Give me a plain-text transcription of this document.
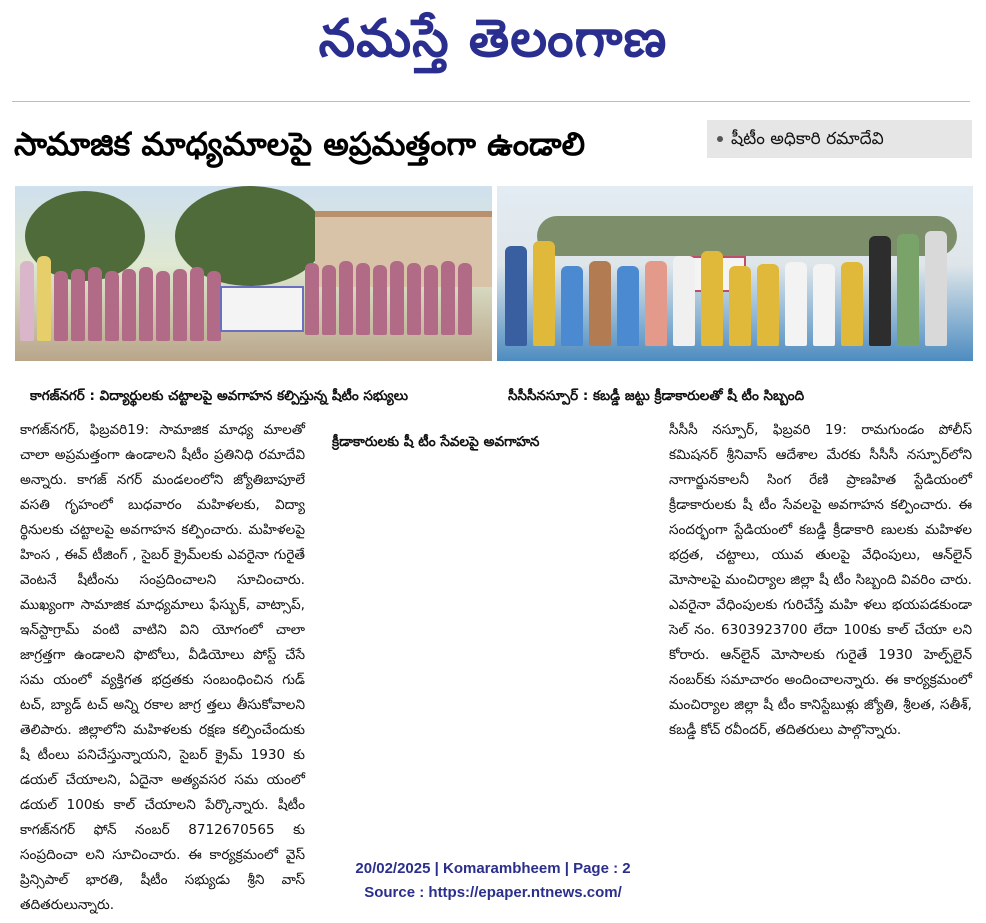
నమస్తే తెలంగాణ
సామాజిక మాధ్యమాలపై అప్రమత్తంగా ఉండాలి	షీటీం అధికారి రమాదేవి
కాగజ్‌నగర్ : విద్యార్థులకు చట్టాలపై అవగాహన కల్పిస్తున్న షీటీం సభ్యులు	సీసీసీనస్పూర్ : కబడ్డీ జట్టు క్రీడాకారులతో షీ టీం సిబ్బంది

కాగజ్‌నగర్, ఫిబ్రవరి19: సామాజిక మాధ్య మాలతో చాలా అప్రమత్తంగా ఉండాలని షీటీం ప్రతినిధి రమాదేవి అన్నారు. కాగజ్ నగర్ మండలంలోని జ్యోతిబాపూలే వసతి గృహంలో బుధవారం మహిళలకు, విద్యా ర్థినులకు చట్టాలపై అవగాహన కల్పించారు. మహిళలపై హింస , ఈవ్ టీజింగ్ , సైబర్ క్రైమ్‌లకు ఎవరైనా గురైతే వెంటనే షీటీంను సంప్రదించాలని సూచించారు. ముఖ్యంగా సామాజిక మాధ్యమాలు ఫేస్బుక్, వాట్సాప్, ఇన్‌స్టాగ్రామ్ వంటి వాటిని విని యోగంలో చాలా జాగ్రత్తగా ఉండాలని ఫొటోలు, వీడియోలు పోస్ట్ చేసే సమ యంలో వ్యక్తిగత భద్రతకు సంబంధించిన గుడ్ టచ్, బ్యాడ్ టచ్ అన్ని రకాల జాగ్ర త్తలు తీసుకోవాలని తెలిపారు. జిల్లాలోని మహిళలకు రక్షణ కల్పించేందుకు షీ టీంలు పనిచేస్తున్నాయని, సైబర్ క్రైమ్ 1930 కు డయల్ చేయాలని, ఏదైనా అత్యవసర సమ యంలో డయల్ 100కు కాల్ చేయాలని పేర్కొన్నారు. షీటీం కాగజ్‌నగర్ ఫోన్ నంబర్ 8712670565 కు సంప్రదించా లని సూచించారు. ఈ కార్యక్రమంలో వైస్ ప్రిన్సిపాల్ భారతి, షీటీం సభ్యుడు శ్రీని వాస్ తదితరులున్నారు.

క్రీడాకారులకు షీ టీం సేవలపై అవగాహన

సీసీసీ నస్పూర్, ఫిబ్రవరి 19: రామగుండం పోలీస్ కమిషనర్ శ్రీనివాస్ ఆదేశాల మేరకు సీసీసీ నస్పూర్‌లోని నాగార్జునకాలనీ సింగ రేణి ప్రాణహిత స్టేడియంలో క్రీడాకారులకు షీ టీం సేవలపై అవగాహన కల్పించారు. ఈ సందర్భంగా స్టేడియంలో కబడ్డీ క్రీడాకారి ణులకు మహిళల భద్రత, చట్టాలు, యువ తులపై వేధింపులు, ఆన్‌లైన్ మోసాలపై మంచిర్యాల జిల్లా షీ టీం సిబ్బంది వివరిం చారు. ఎవరైనా వేధింపులకు గురిచేస్తే మహి ళలు భయపడకుండా సెల్ నం. 6303923700 లేదా 100కు కాల్ చేయా లని కోరారు. ఆన్‌లైన్ మోసాలకు గురైతే 1930 హెల్ప్‌లైన్ నంబర్‌కు సమాచారం అందించాలన్నారు. ఈ కార్యక్రమంలో మంచిర్యాల జిల్లా షీ టీం కానిస్టేబుళ్లు జ్యోతి, శ్రీలత, సతీశ్, కబడ్డీ కోచ్ రవీందర్, తదితరులు పాల్గొన్నారు.

20/02/2025 | Komarambheem | Page : 2
Source : https://epaper.ntnews.com/
